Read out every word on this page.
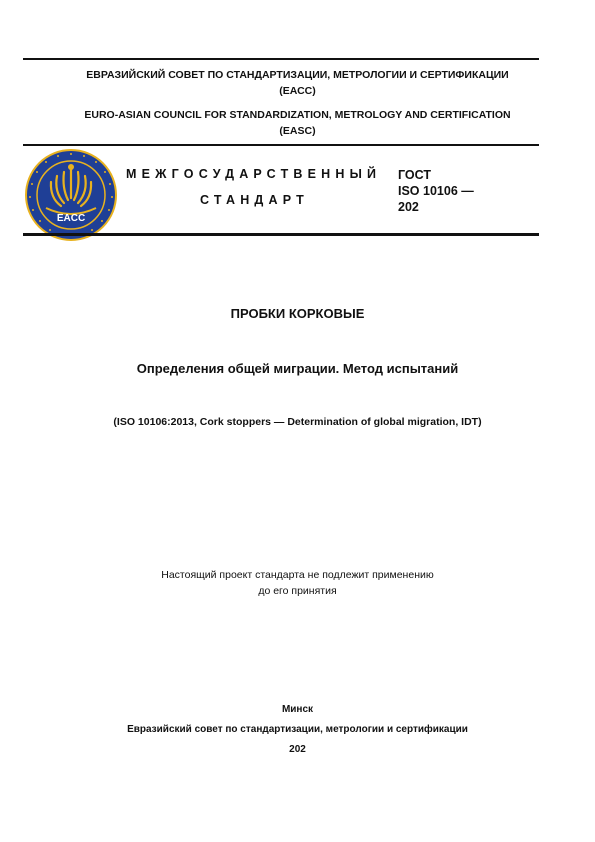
ЕВРАЗИЙСКИЙ СОВЕТ ПО СТАНДАРТИЗАЦИИ, МЕТРОЛОГИИ И СЕРТИФИКАЦИИ
(ЕАСС)
EURO-ASIAN COUNCIL FOR STANDARDIZATION, METROLOGY AND CERTIFICATION
(EASC)
EACC
МЕЖГОСУДАРСТВЕННЫЙ
СТАНДАРТ
ГОСТ
ISO 10106 —
202
ПРОБКИ КОРКОВЫЕ
Определения общей миграции. Метод испытаний
(ISO 10106:2013, Cork stoppers — Determination of global migration, IDT)
Настоящий проект стандарта не подлежит применению
до его принятия
Минск
Евразийский совет по стандартизации, метрологии и сертификации
202
